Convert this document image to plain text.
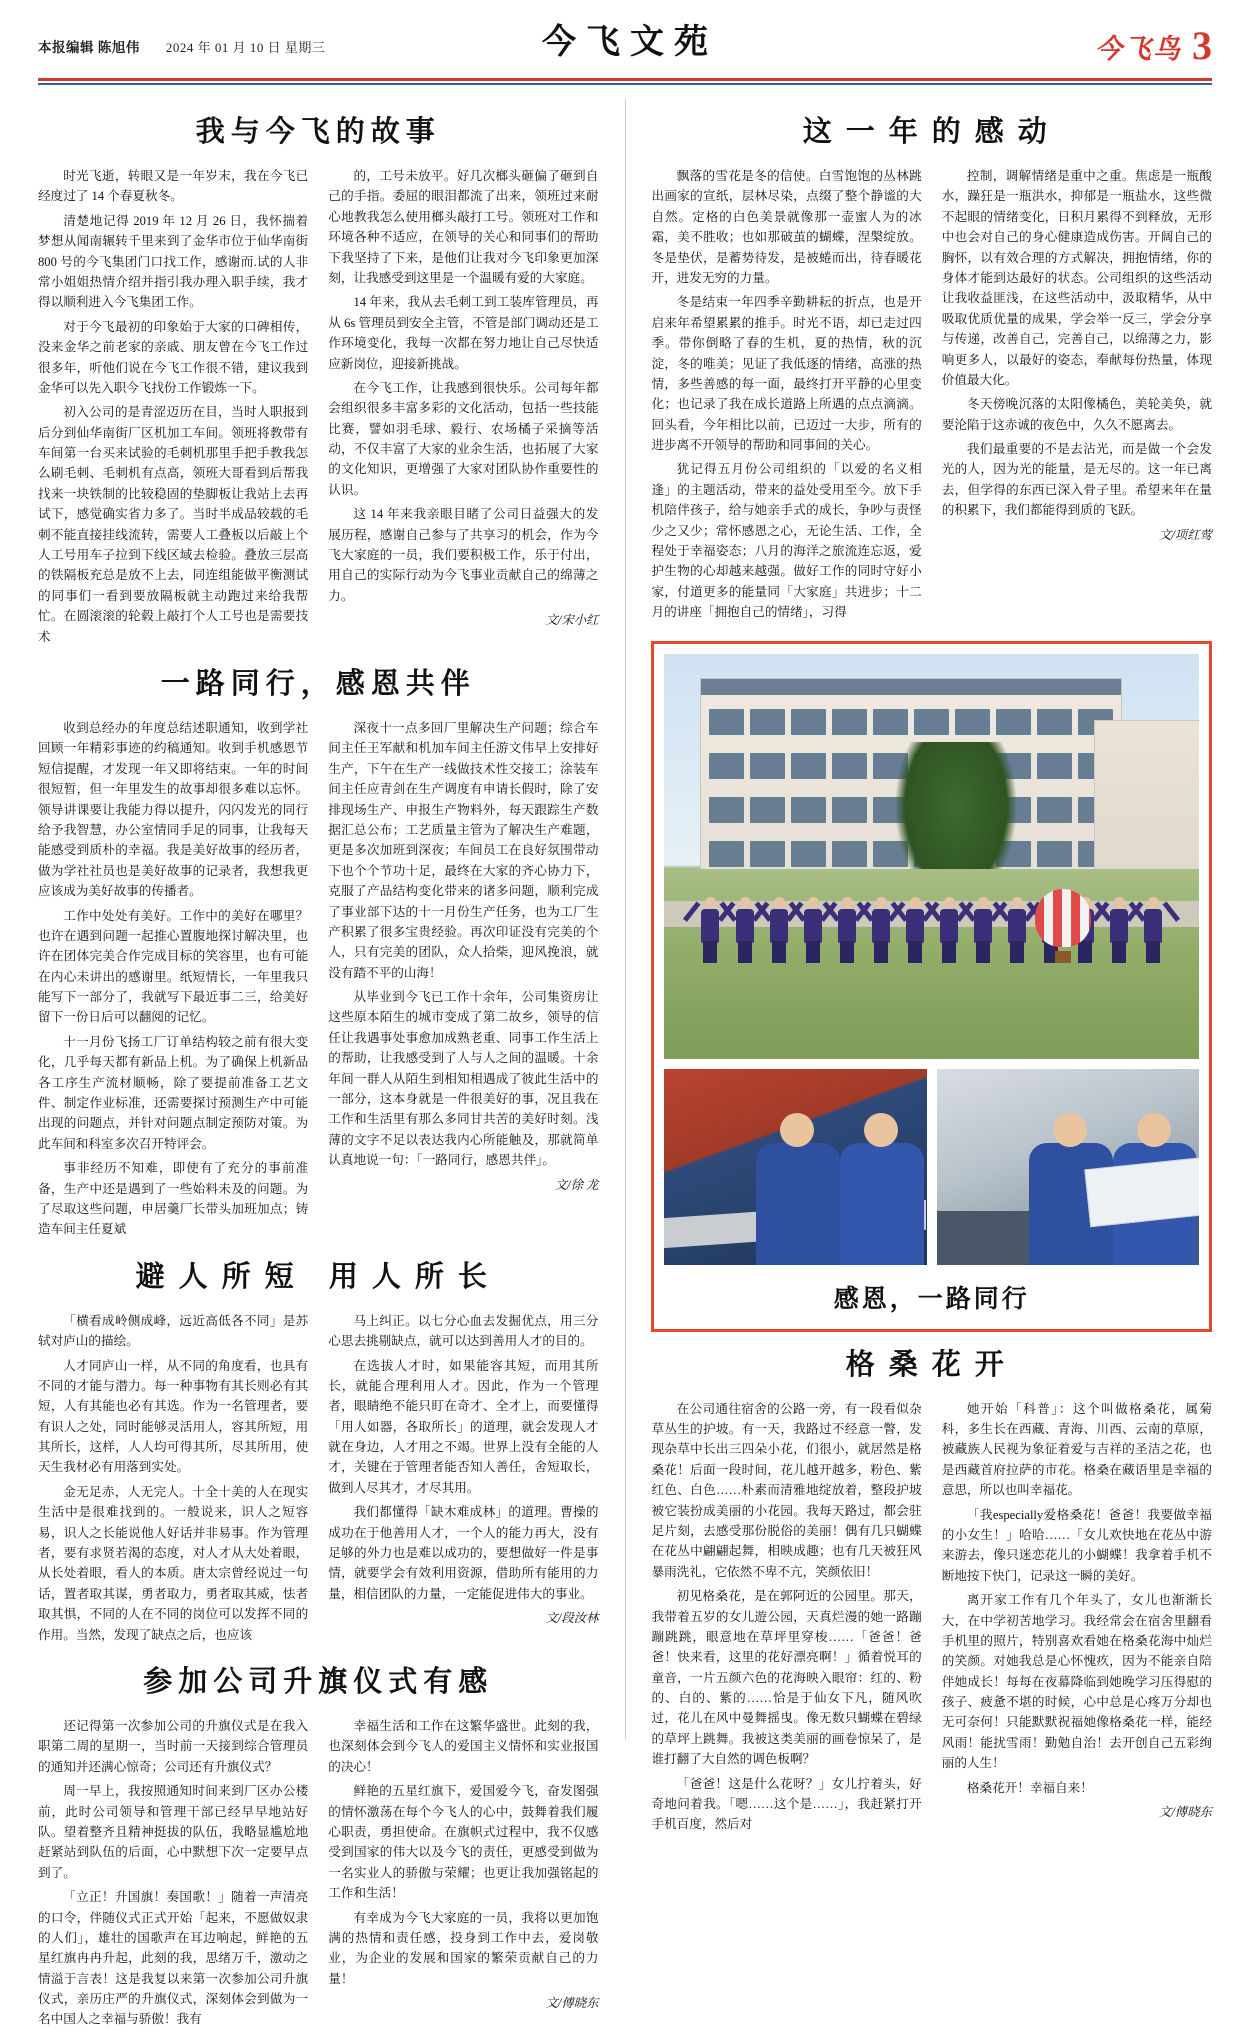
本报编辑 陈旭伟 2024 年 01 月 10 日 星期三	今飞文苑	今飞鸟 3
我与今飞的故事

时光飞逝，转眼又是一年岁末，我在今飞已经度过了 14 个春夏秋冬。

清楚地记得 2019 年 12 月 26 日，我怀揣着梦想从闻南辗转千里来到了金华市位于仙华南街 800 号的今飞集团门口找工作，感谢而.试的人非常小姐姐热情介绍并指引我办理入职手续，我才得以顺利进入今飞集团工作。

对于今飞最初的印象始于大家的口碑相传，没来金华之前老家的亲戚、朋友曾在今飞工作过很多年，听他们说在今飞工作很不错，建议我到金华可以先入职今飞找份工作锻炼一下。

初入公司的是青涩迈历在目，当时人职报到后分到仙华南街厂区机加工车间。领班将教带有车间第一台买来试验的毛刺机那里手把手教我怎么刷毛刺、毛刺机有点高，领班大哥看到后帮我找来一块铁制的比较稳固的垫脚板让我站上去再试下，感觉确实省力多了。当时半成品较载的毛刺不能直接挂线流转，需要人工叠板以后敲上个人工号用车子拉到下线区域去检验。叠放三层高的铁隔板充总是放不上去，同连组能做平衡测试的同事们一看到要放隔板就主动跑过来给我帮忙。在圆滚滚的轮毂上敲打个人工号也是需要技术

的，工号未放平。好几次榔头砸偏了砸到自己的手指。委屈的眼泪都流了出来，领班过来耐心地教我怎么使用榔头敲打工号。领班对工作和环境各种不适应，在领导的关心和同事们的帮助下我坚持了下来，是他们让我对今飞印象更加深刻，让我感受到这里是一个温暖有爱的大家庭。

14 年来，我从去毛刺工到工装库管理员，再从 6s 管理员到安全主管，不管是部门调动还是工作环境变化，我每一次都在努力地让自己尽快适应新岗位，迎接新挑战。

在今飞工作，让我感到很快乐。公司每年都会组织很多丰富多彩的文化活动，包括一些技能比赛，譬如羽毛球、毅行、农场橘子采摘等活动，不仅丰富了大家的业余生活，也拓展了大家的文化知识，更增强了大家对团队协作重要性的认识。

这 14 年来我亲眼目睹了公司日益强大的发展历程，感谢自己参与了共享习的机会，作为今飞大家庭的一员，我们要积极工作，乐于付出，用自己的实际行动为今飞事业贡献自己的绵薄之力。

文/宋小红
一路同行，感恩共伴

收到总经办的年度总结述职通知，收到学社回顾一年精彩事迹的约稿通知。收到手机感恩节短信提醒，才发现一年又即将结束。一年的时间很短暂，但一年里发生的故事却很多难以忘怀。领导讲课要让我能力得以提升，闪闪发光的同行给予我智慧，办公室情同手足的同事，让我每天能感受到质朴的幸福。我是美好故事的经历者，做为学社社员也是美好故事的记录者，我想我更应该成为美好故事的传播者。

工作中处处有美好。工作中的美好在哪里？也许在遇到问题一起推心置腹地探讨解决里，也许在团体完美合作完成目标的笑容里，也有可能在内心未讲出的感谢里。纸短情长，一年里我只能写下一部分了，我就写下最近事二三，给美好留下一份日后可以翻阅的记忆。

十一月份飞扬工厂订单结构较之前有很大变化，几乎每天都有新品上机。为了确保上机新品各工序生产流材顺畅，除了要提前准备工艺文件、制定作业标准，还需要探讨预测生产中可能出现的问题点，并针对问题点制定预防对策。为此车间和科室多次召开特评会。

事非经历不知难，即使有了充分的事前准备，生产中还是遇到了一些始料未及的问题。为了尽取这些问题，申居羹厂长带头加班加点；铸造车间主任夏斌

深夜十一点多回厂里解决生产问题；综合车间主任王军献和机加车间主任游文伟早上安排好生产，下午在生产一线做技术性交接工；涂装车间主任应青剑在生产调度有申请长假时，除了安排现场生产、申报生产物料外，每天跟踪生产数据汇总公布；工艺质量主管为了解决生产难题，更是多次加班到深夜；车间员工在良好氛围带动下也个个节功十足，最终在大家的齐心协力下，克服了产品结构变化带来的诸多问题，顺利完成了事业部下达的十一月份生产任务，也为工厂生产积累了很多宝贵经验。再次印证没有完美的个人，只有完美的团队，众人拾柴，迎风挽浪，就没有踏不平的山海！

从毕业到今飞已工作十余年，公司集资房让这些原本陌生的城市变成了第二故乡，领导的信任让我遇事处事愈加成熟老重、同事工作生活上的帮助，让我感受到了人与人之间的温暖。十余年间一群人从陌生到相知相遇成了彼此生活中的一部分，这本身就是一件很美好的事，况且我在工作和生活里有那么多同甘共苦的美好时刻。浅薄的文字不足以表达我内心所能触及，那就简单认真地说一句：「一路同行，感恩共伴」。

文/徐 龙
避人所短 用人所长

「横看成岭侧成峰，远近高低各不同」是苏轼对庐山的描绘。

人才同庐山一样，从不同的角度看，也具有不同的才能与潜力。每一种事物有其长则必有其短，人有其能也必有其选。作为一名管理者，要有识人之处，同时能够灵活用人，容其所短，用其所长，这样，人人均可得其所，尽其所用，使天生我材必有用落到实处。

金无足赤，人无完人。十全十美的人在现实生活中是很难找到的。一般说来，识人之短容易，识人之长能说他人好话并非易事。作为管理者，要有求贤若渴的态度，对人才从大处着眼，从长处着眼，看人的本质。唐太宗曾经说过一句话，置者取其谋，勇者取力，勇者取其威，怯者取其惧，不同的人在不同的岗位可以发挥不同的作用。当然，发现了缺点之后，也应该

马上纠正。以七分心血去发掘优点，用三分心思去挑剔缺点，就可以达到善用人才的目的。

在选拔人才时，如果能容其短，而用其所长，就能合理利用人才。因此，作为一个管理者，眼睛绝不能只盯在奇才、全才上，而要懂得「用人如器，各取所长」的道理，就会发现人才就在身边，人才用之不竭。世界上没有全能的人才，关键在于管理者能否知人善任，舍短取长，做到人尽其才，才尽其用。

我们都懂得「缺木难成林」的道理。曹操的成功在于他善用人才，一个人的能力再大，没有足够的外力也是难以成功的，要想做好一件是事情，就要学会有效利用资源，借助所有能用的力量，相信团队的力量，一定能促进伟大的事业。

文/段汝林
参加公司升旗仪式有感

还记得第一次参加公司的升旗仪式是在我入职第二周的星期一，当时前一天接到综合管理员的通知并还满心惊奇；公司还有升旗仪式？

周一早上，我按照通知时间来到厂区办公楼前，此时公司领导和管理干部已经早早地站好队。望着整齐且精神挺拔的队伍，我略显尴尬地赶紧站到队伍的后面，心中默想下次一定要早点到了。

「立正！升国旗！奏国歌！」随着一声清亮的口令，伴随仪式正式开始「起来，不愿做奴隶的人们」，雄壮的国歌声在耳边响起，鲜艳的五星红旗冉冉升起，此刻的我，思绪万千，激动之情溢于言表！这是我复以来第一次参加公司升旗仪式，亲历庄严的升旗仪式，深刻体会到做为一名中国人之幸福与骄傲！我有

幸福生活和工作在这繁华盛世。此刻的我，也深刻体会到今飞人的爱国主义情怀和实业报国的决心！

鲜艳的五星红旗下，爱国爱今飞，奋发图强的情怀激荡在每个今飞人的心中，鼓舞着我们履心职责，勇担使命。在旗帜式过程中，我不仅感受到国家的伟大以及今飞的责任，更感受到做为一名实业人的骄傲与荣耀；也更让我加强铭起的工作和生活！

有幸成为今飞大家庭的一员，我将以更加饱满的热情和责任感，投身到工作中去，爱岗敬业，为企业的发展和国家的繁荣贡献自己的力量！

文/傅晓东
这一年的感动

飘落的雪花是冬的信使。白雪饱饱的丛林跳出画家的宣纸，层林尽染，点缀了整个静谧的大自然。定格的白色美景就像那一壶蜜人为的冰霜，美不胜收；也如那破茧的蝴蝶，涅槃绽放。冬是垫伏，是蓄势待发，是被蜷而出，待春暖花开，进发无穷的力量。

冬是结束一年四季辛勤耕耘的折点，也是开启来年希望累累的推手。时光不语，却已走过四季。带你倒略了春的生机，夏的热情，秋的沉淀，冬的唯美；见证了我低逐的情绪，高涨的热情，多些善感的每一面，最终打开平静的心里变化；也记录了我在成长道路上所遇的点点滴滴。回头看，今年相比以前，已迈过一大步，所有的进步离不开领导的帮助和同事间的关心。

犹记得五月份公司组织的「以爱的名义相逢」的主题活动，带来的益处受用至今。放下手机陪伴孩子，给与她亲手式的成长，争吵与责怪少之又少；常怀感恩之心，无论生活、工作，全程处于幸福姿态；八月的海洋之旅流连忘返，爱护生物的心却越来越强。做好工作的同时守好小家，付道更多的能量同「大家庭」共进步；十二月的讲座「拥抱自己的情绪」，习得

控制，调解情绪是重中之重。焦虑是一瓶酸水，躁狂是一瓶洪水，抑郁是一瓶盐水，这些微不起眼的情绪变化，日积月累得不到释放，无形中也会对自己的身心健康造成伤害。开阔自己的胸怀，以有效合理的方式解决，拥抱情绪，你的身体才能到达最好的状态。公司组织的这些活动让我收益匪浅，在这些活动中，汲取精华，从中吸取优质优量的成果，学会举一反三，学会分享与传递，改善自己，完善自己，以绵薄之力，影响更多人，以最好的姿态，奉献每份热量，体现价值最大化。

冬天傍晚沉落的太阳像橘色，美轮美奂，就要沦陷于这赤诚的夜色中，久久不愿离去。

我们最重要的不是去沾光，而是做一个会发光的人，因为光的能量，是无尽的。这一年已离去，但学得的东西已深入骨子里。希望来年在量的积累下，我们都能得到质的飞跃。

文/项红莺
感恩，一路同行
格桑花开

在公司通往宿舍的公路一旁，有一段看似杂草丛生的护坡。有一天，我路过不经意一瞥，发现杂草中长出三四朵小花，们很小，就居然是格桑花！后面一段时间，花儿越开越多，粉色、紫红色、白色……朴素而清雅地绽放着，整段护坡被它装扮成美丽的小花园。我每天路过，都会驻足片刻，去感受那份脱俗的美丽！偶有几只蝴蝶在花丛中翩翩起舞，相映成趣；也有几天被狂风暴雨洗礼，它依然不卑不亢，笑颜依旧！

初见格桑花，是在郭阿近的公园里。那天，我带着五岁的女儿遊公园，天真烂漫的她一路蹦蹦跳跳，眼意地在草坪里穿梭……「爸爸！爸爸！快来看，这里的花好漂亮啊！」循着悦耳的童音，一片五颜六色的花海映入眼帘：红的、粉的、白的、紫的……恰是于仙女下凡，随风吹过，花儿在风中曼舞摇曳。像无数只蝴蝶在碧绿的草坪上跳舞。我被这类美丽的画卷惊呆了，是谁打翻了大自然的调色板啊？

「爸爸！这是什么花呀？」女儿拧着头，好奇地问着我。「嗯……这个是……」，我赶紧打开手机百度，然后对

她开始「科普」：这个叫做格桑花，属菊科，多生长在西藏、青海、川西、云南的草原，被藏族人民视为象征着爱与吉祥的圣洁之花，也是西藏首府拉萨的市花。格桑在藏语里是幸福的意思，所以也叫幸福花。

「我especially爱格桑花！爸爸！我要做幸福的小女生！」哈哈……「女儿欢快地在花丛中游来游去，像只迷恋花儿的小蝴蝶！我拿着手机不断地按下快门，记录这一瞬的美好。

离开家工作有几个年头了，女儿也渐渐长大，在中学初苦地学习。我经常会在宿舍里翻看手机里的照片，特别喜欢看她在格桑花海中灿烂的笑颜。对她我总是心怀愧疚，因为不能亲自陪伴她成长！每每在夜幕降临到她晚学习压得慰的孩子、疲惫不堪的时候，心中总是心疼万分却也无可奈何！只能默默祝福她像格桑花一样，能经风雨！能扰雪雨！勤勉自治！去开创自己五彩绚丽的人生！

格桑花开！幸福自来！

文/傅晓东
